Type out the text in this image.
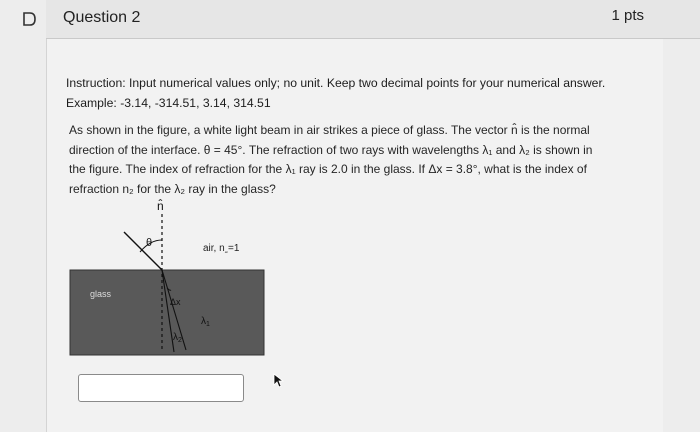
Question 2	1 pts
Instruction: Input numerical values only; no unit. Keep two decimal points for your numerical answer.
Example: -3.14, -314.51, 3.14, 314.51
As shown in the figure, a white light beam in air strikes a piece of glass. The vector n̂ is the normal
direction of the interface. θ = 45°. The refraction of two rays with wavelengths λ₁ and λ₂ is shown in
the figure. The index of refraction for the λ₁ ray is 2.0 in the glass. If Δx = 3.8°, what is the index of
refraction n₂ for the λ₂ ray in the glass?
n̂
θ	air, $n_{air}=1$
glass
Δx
$\lambda_1$
$\lambda_2$
